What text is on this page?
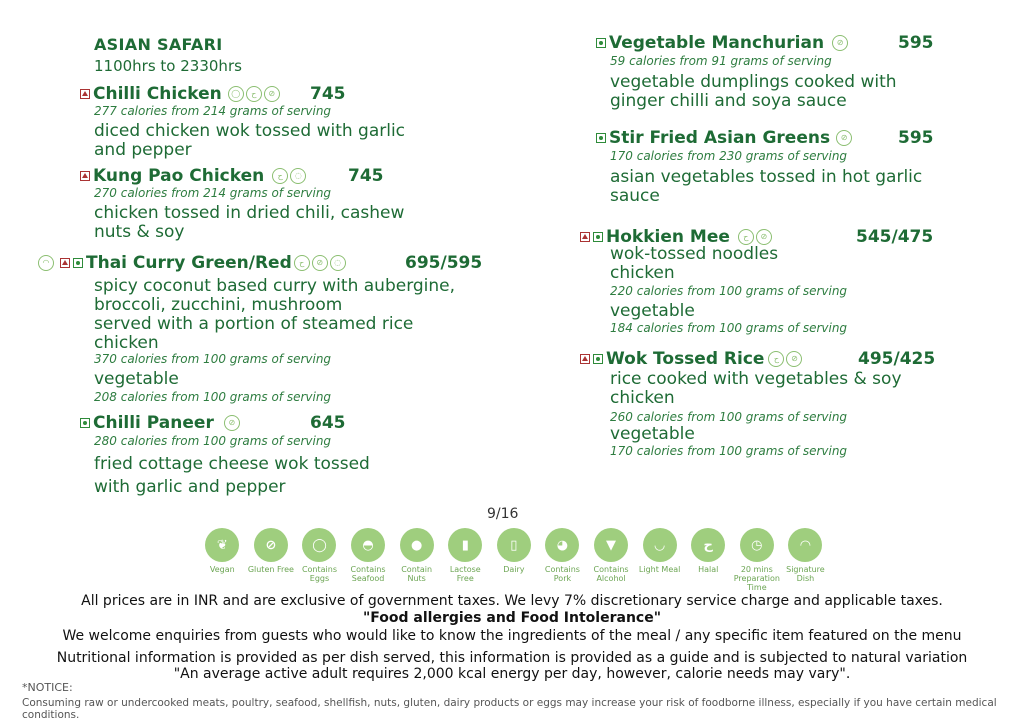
ASIAN SAFARI
1100hrs to 2330hrs
Chilli Chicken	◯	ح	⊘ 745
277 calories from 214 grams of serving
diced chicken wok tossed with garlic
and pepper
Kung Pao Chicken	ح	◌	745
270 calories from 214 grams of serving
chicken tossed in dried chili, cashew
nuts & soy
◠ Thai Curry Green/Red ح	⊘	◌	695/595
spicy coconut based curry with aubergine,
broccoli, zucchini, mushroom
served with a portion of steamed rice
chicken
370 calories from 100 grams of serving
vegetable
208 calories from 100 grams of serving
Chilli Paneer	⊘	645
280 calories from 100 grams of serving
fried cottage cheese wok tossed
with garlic and pepper
Vegetable Manchurian	⊘	595
59 calories from 91 grams of serving
vegetable dumplings cooked with
ginger chilli and soya sauce
Stir Fried Asian Greens	⊘	595
170 calories from 230 grams of serving
asian vegetables tossed in hot garlic
sauce
Hokkien Mee	ح	⊘	545/475
wok-tossed noodles
chicken
220 calories from 100 grams of serving
vegetable
184 calories from 100 grams of serving
Wok Tossed Rice	ح	⊘	495/425
rice cooked with vegetables & soy
chicken
260 calories from 100 grams of serving
vegetable
170 calories from 100 grams of serving
9/16
❦
Vegan
⊘
Gluten Free
◯
Contains Eggs
◓
Contains Seafood
●
Contain Nuts
▮
Lactose Free
▯
Dairy
◕
Contains Pork
▼
Contains Alcohol
◡
Light Meal
ح
Halal
◷
20 mins Preparation Time
◠
Signature Dish
All prices are in INR and are exclusive of government taxes. We levy 7% discretionary service charge and applicable taxes.
"Food allergies and Food Intolerance"
We welcome enquiries from guests who would like to know the ingredients of the meal / any specific item featured on the menu
Nutritional information is provided as per dish served, this information is provided as a guide and is subjected to natural variation
"An average active adult requires 2,000 kcal energy per day, however, calorie needs may vary".
*NOTICE:
Consuming raw or undercooked meats, poultry, seafood, shellfish, nuts, gluten, dairy products or eggs may increase your risk of foodborne illness, especially if you have certain medical conditions.
